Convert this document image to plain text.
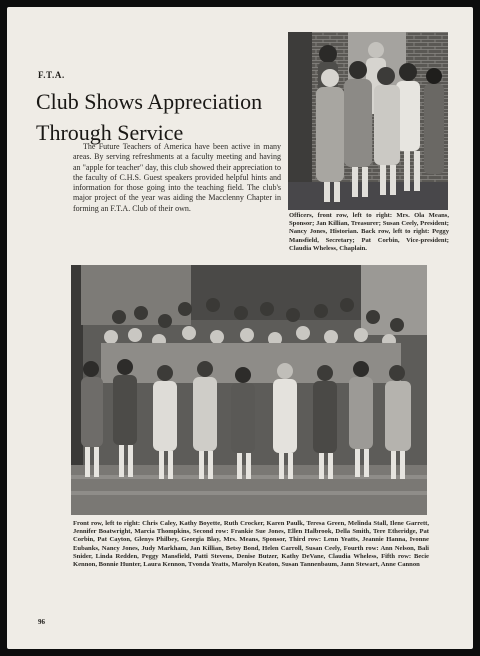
F.T.A.
Club Shows Appreciation Through Service

The Future Teachers of America have been active in many areas. By serving refreshments at a faculty meeting and having an "apple for teacher" day, this club showed their appreciation to the faculty of C.H.S. Guest speakers provided helpful hints and information for those going into the teaching field. The club's major project of the year was aiding the Macclenny Chapter in forming an F.T.A. Club of their own.

Officers, front row, left to right: Mrs. Ola Means, Sponsor; Jan Killian, Treasurer; Susan Ceely, President; Nancy Jones, Historian. Back row, left to right: Peggy Mansfield, Secretary; Pat Corbin, Vice-president; Claudia Wheless, Chaplain.
Front row, left to right: Chris Caley, Kathy Boyette, Ruth Crocker, Karen Paulk, Teresa Green, Melinda Stall, Ilene Garrett, Jennifer Boatwright, Marcia Thompkins, Second row: Frankie Sue Jones, Ellen Halbrook, Della Smith, Tere Etheridge, Pat Corbin, Pat Cayton, Glenys Philbey, Georgia Blay, Mrs. Means, Sponsor, Third row: Lenn Yeatts, Jeannie Hanna, Ivonne Eubanks, Nancy Jones, Judy Markham, Jan Killian, Betsy Bond, Helen Carroll, Susan Ceely, Fourth row: Ann Nelson, Bali Snider, Linda Redden, Peggy Mansfield, Patti Stevens, Denise Butzer, Kathy DeVane, Claudia Wheless, Fifth row: Becie Kennon, Bonnie Hunter, Laura Kennon, Tvonda Yeatts, Marolyn Keaton, Susan Tannenbaum, Jann Stewart, Anne Cannon
96
